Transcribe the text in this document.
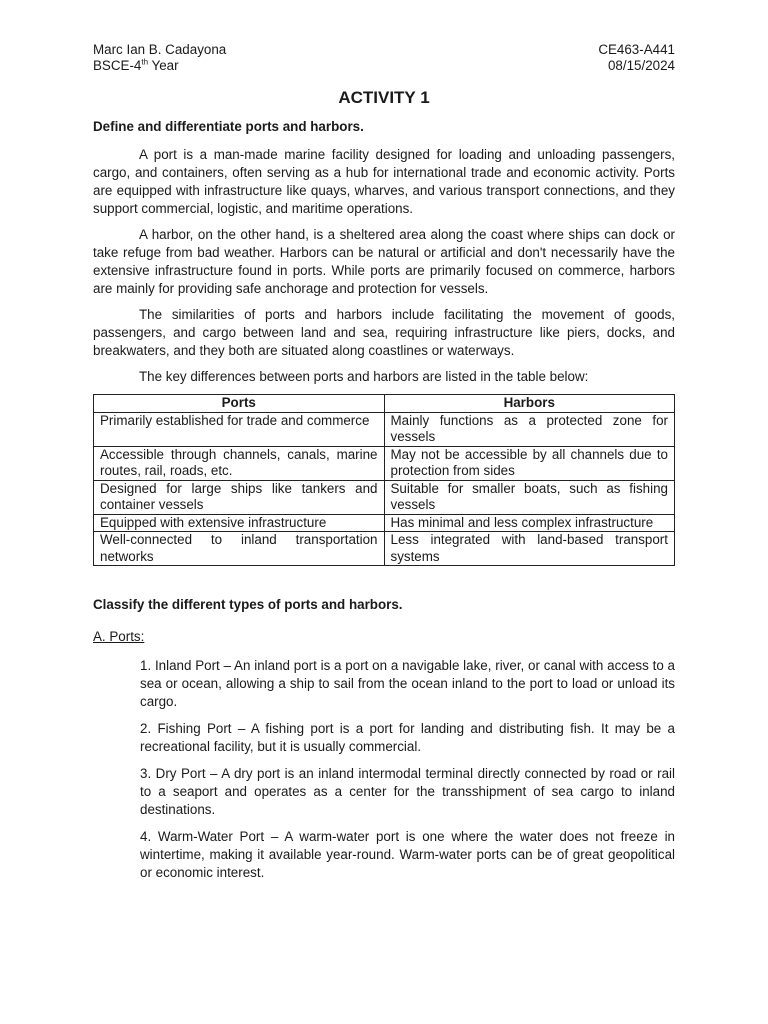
Marc Ian B. Cadayona	CE463-A441
BSCE-4th Year	08/15/2024
ACTIVITY 1
Define and differentiate ports and harbors.

A port is a man-made marine facility designed for loading and unloading passengers, cargo, and containers, often serving as a hub for international trade and economic activity. Ports are equipped with infrastructure like quays, wharves, and various transport connections, and they support commercial, logistic, and maritime operations.

A harbor, on the other hand, is a sheltered area along the coast where ships can dock or take refuge from bad weather. Harbors can be natural or artificial and don't necessarily have the extensive infrastructure found in ports. While ports are primarily focused on commerce, harbors are mainly for providing safe anchorage and protection for vessels.

The similarities of ports and harbors include facilitating the movement of goods, passengers, and cargo between land and sea, requiring infrastructure like piers, docks, and breakwaters, and they both are situated along coastlines or waterways.

The key differences between ports and harbors are listed in the table below:

Ports	Harbors
Primarily established for trade and commerce	Mainly functions as a protected zone for vessels
Accessible through channels, canals, marine routes, rail, roads, etc.	May not be accessible by all channels due to protection from sides
Designed for large ships like tankers and container vessels	Suitable for smaller boats, such as fishing vessels
Equipped with extensive infrastructure	Has minimal and less complex infrastructure
Well-connected to inland transportation networks	Less integrated with land-based transport systems
Classify the different types of ports and harbors.
A. Ports:
1. Inland Port – An inland port is a port on a navigable lake, river, or canal with access to a sea or ocean, allowing a ship to sail from the ocean inland to the port to load or unload its cargo.
2. Fishing Port – A fishing port is a port for landing and distributing fish. It may be a recreational facility, but it is usually commercial.
3. Dry Port – A dry port is an inland intermodal terminal directly connected by road or rail to a seaport and operates as a center for the transshipment of sea cargo to inland destinations.
4. Warm-Water Port – A warm-water port is one where the water does not freeze in wintertime, making it available year-round. Warm-water ports can be of great geopolitical or economic interest.
